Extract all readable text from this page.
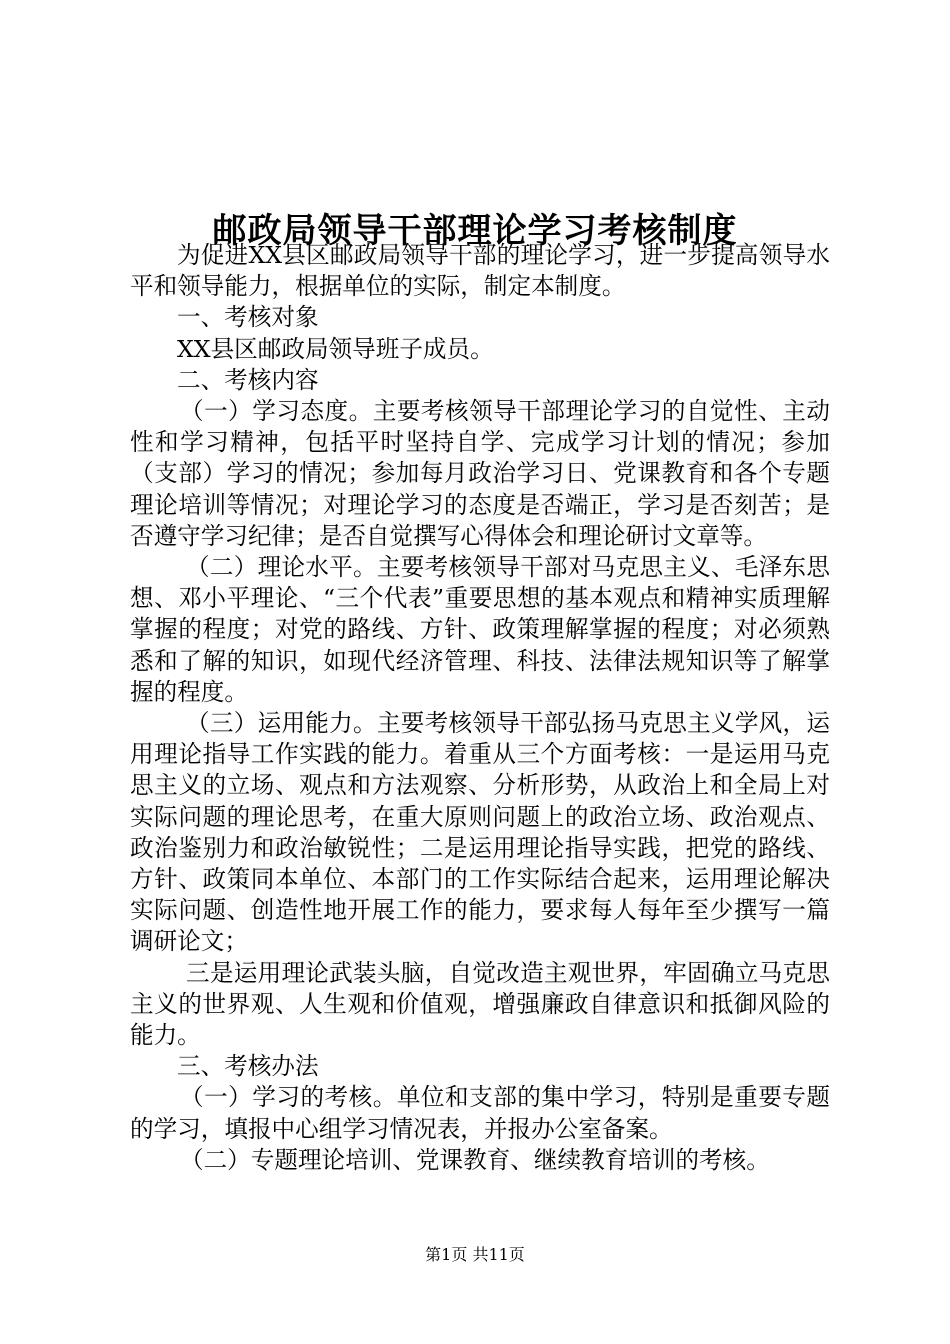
邮政局领导干部理论学习考核制度

为促进XX县区邮政局领导干部的理论学习，进一步提高领导水平和领导能力，根据单位的实际，制定本制度。

一、考核对象

XX县区邮政局领导班子成员。

二、考核内容

（一）学习态度。主要考核领导干部理论学习的自觉性、主动性和学习精神，包括平时坚持自学、完成学习计划的情况；参加（支部）学习的情况；参加每月政治学习日、党课教育和各个专题理论培训等情况；对理论学习的态度是否端正，学习是否刻苦；是否遵守学习纪律；是否自觉撰写心得体会和理论研讨文章等。

（二）理论水平。主要考核领导干部对马克思主义、毛泽东思想、邓小平理论、“三个代表”重要思想的基本观点和精神实质理解掌握的程度；对党的路线、方针、政策理解掌握的程度；对必须熟悉和了解的知识，如现代经济管理、科技、法律法规知识等了解掌握的程度。

（三）运用能力。主要考核领导干部弘扬马克思主义学风，运用理论指导工作实践的能力。着重从三个方面考核：一是运用马克思主义的立场、观点和方法观察、分析形势，从政治上和全局上对实际问题的理论思考，在重大原则问题上的政治立场、政治观点、政治鉴别力和政治敏锐性；二是运用理论指导实践，把党的路线、方针、政策同本单位、本部门的工作实际结合起来，运用理论解决实际问题、创造性地开展工作的能力，要求每人每年至少撰写一篇调研论文；

三是运用理论武装头脑，自觉改造主观世界，牢固确立马克思主义的世界观、人生观和价值观，增强廉政自律意识和抵御风险的能力。

三、考核办法

（一）学习的考核。单位和支部的集中学习，特别是重要专题的学习，填报中心组学习情况表，并报办公室备案。

（二）专题理论培训、党课教育、继续教育培训的考核。

第1页 共11页
